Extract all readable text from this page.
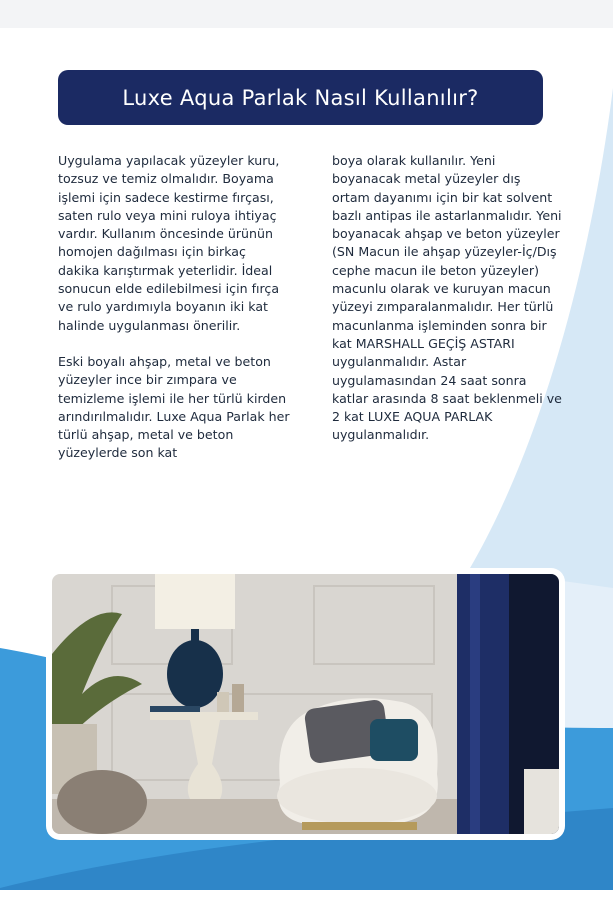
Luxe Aqua Parlak Nasıl Kullanılır?

Uygulama yapılacak yüzeyler kuru, tozsuz ve temiz olmalıdır. Boyama işlemi için sadece kestirme fırçası, saten rulo veya mini ruloya ihtiyaç vardır. Kullanım öncesinde ürünün homojen dağılması için birkaç dakika karıştırmak yeterlidir. İdeal sonucun elde edilebilmesi için fırça ve rulo yardımıyla boyanın iki kat halinde uygulanması önerilir.

Eski boyalı ahşap, metal ve beton yüzeyler ince bir zımpara ve temizleme işlemi ile her türlü kirden arındırılmalıdır. Luxe Aqua Parlak her türlü ahşap, metal ve beton yüzeylerde son kat

boya olarak kullanılır. Yeni boyanacak metal yüzeyler dış ortam dayanımı için bir kat solvent bazlı antipas ile astarlanmalıdır. Yeni boyanacak ahşap ve beton yüzeyler (SN Macun ile ahşap yüzeyler-İç/Dış cephe macun ile beton yüzeyler) macunlu olarak ve kuruyan macun yüzeyi zımparalanmalıdır. Her türlü macunlanma işleminden sonra bir kat MARSHALL GEÇİŞ ASTARI uygulanmalıdır. Astar uygulamasından 24 saat sonra katlar arasında 8 saat beklenmeli ve 2 kat LUXE AQUA PARLAK uygulanmalıdır.
